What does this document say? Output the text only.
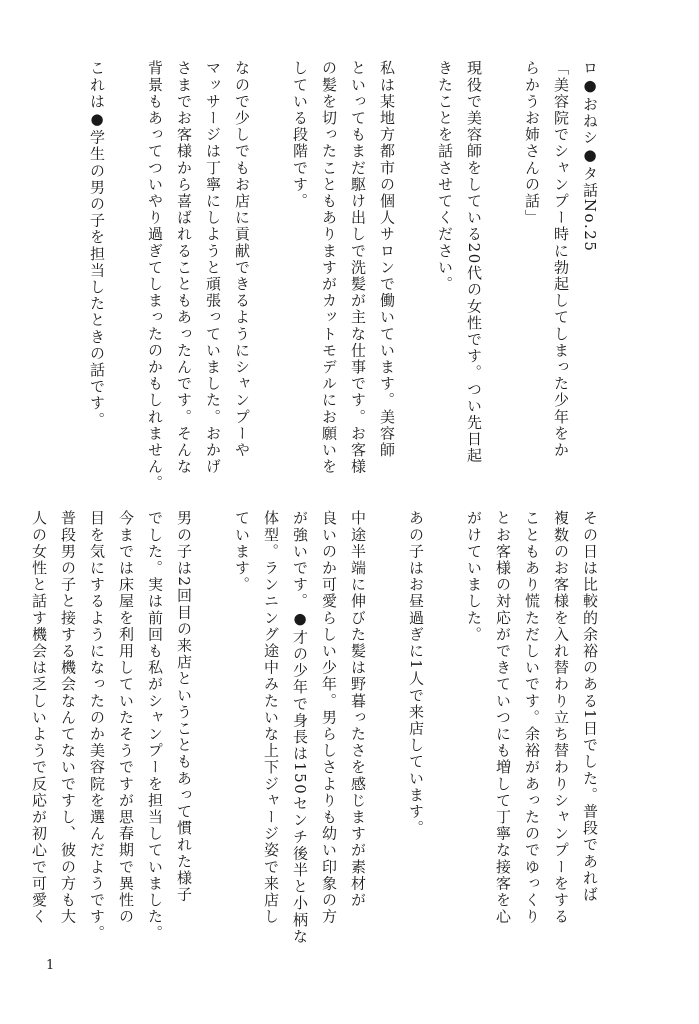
ロ●おねシ●タ話No.25
「美容院でシャンプー時に勃起してしまった少年をか
らかうお姉さんの話」
現役で美容師をしている20代の女性です。つい先日起
きたことを話させてください。
私は某地方都市の個人サロンで働いています。美容師
といってもまだ駆け出しで洗髪が主な仕事です。お客様
の髪を切ったこともありますがカットモデルにお願いを
している段階です。
なので少しでもお店に貢献できるようにシャンプーや
マッサージは丁寧にしようと頑張っていました。おかげ
さまでお客様から喜ばれることもあったんです。そんな
背景もあってついやり過ぎてしまったのかもしれません。
これは●学生の男の子を担当したときの話です。
その日は比較的余裕のある1日でした。普段であれば
複数のお客様を入れ替わり立ち替わりシャンプーをする
こともあり慌ただしいです。余裕があったのでゆっくり
とお客様の対応ができていつにも増して丁寧な接客を心
がけていました。
あの子はお昼過ぎに1人で来店しています。
中途半端に伸びた髪は野暮ったさを感じますが素材が
良いのか可愛らしい少年。男らしさよりも幼い印象の方
が強いです。●才の少年で身長は150センチ後半と小柄な
体型。ランニング途中みたいな上下ジャージ姿で来店し
ています。
男の子は2回目の来店ということもあって慣れた様子
でした。実は前回も私がシャンプーを担当していました。
今までは床屋を利用していたそうですが思春期で異性の
目を気にするようになったのか美容院を選んだようです。
普段男の子と接する機会なんてないですし、彼の方も大
人の女性と話す機会は乏しいようで反応が初心で可愛く
1
